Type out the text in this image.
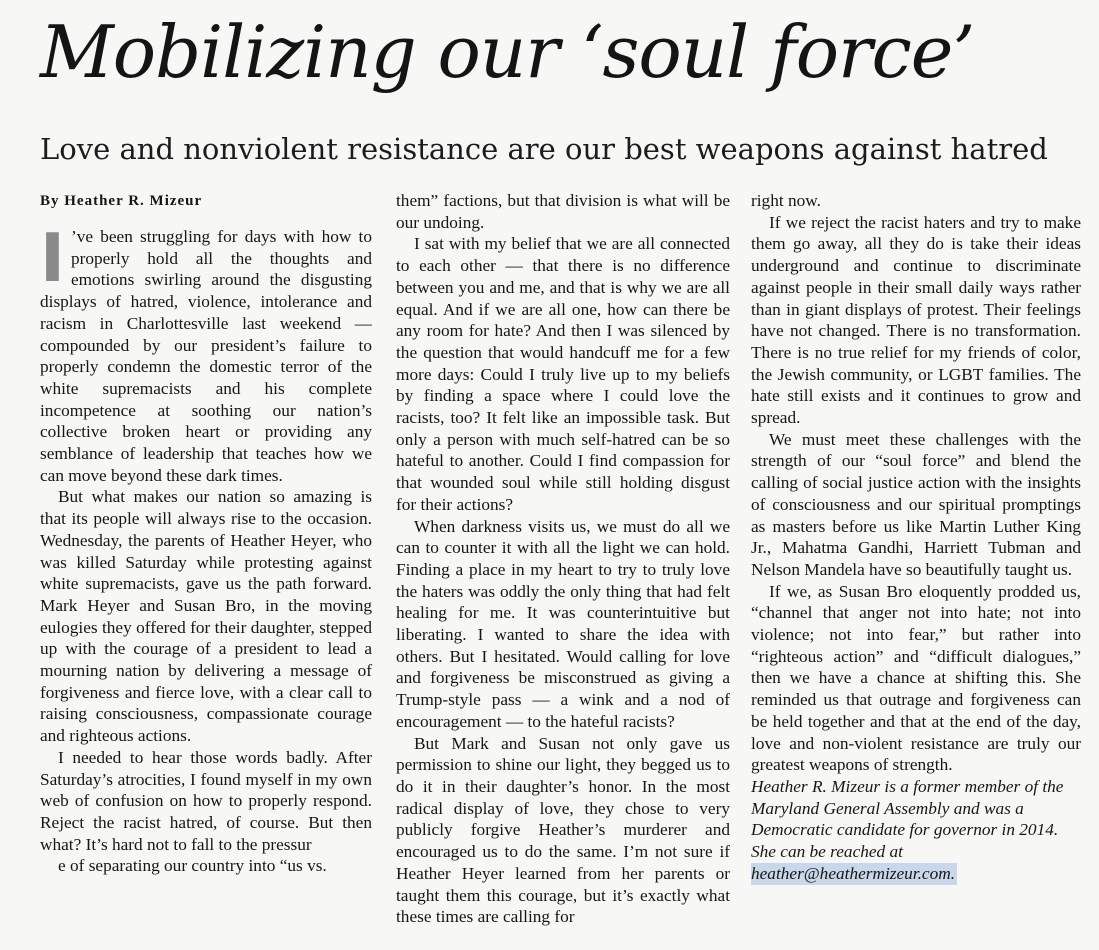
Mobilizing our ‘soul force’
Love and nonviolent resistance are our best weapons against hatred
By Heather R. Mizeur

I ’ve been struggling for days with how to properly hold all the thoughts and emotions swirling around the disgusting displays of hatred, violence, intolerance and racism in Charlottesville last weekend — compounded by our president’s failure to properly condemn the domestic terror of the white supremacists and his complete incompetence at soothing our nation’s collective broken heart or providing any semblance of leadership that teaches how we can move beyond these dark times.

But what makes our nation so amazing is that its people will always rise to the occasion. Wednesday, the parents of Heather Heyer, who was killed Saturday while protesting against white supremacists, gave us the path forward. Mark Heyer and Susan Bro, in the moving eulogies they offered for their daughter, stepped up with the courage of a president to lead a mourning nation by delivering a message of forgiveness and fierce love, with a clear call to raising consciousness, compassionate courage and righteous actions.

I needed to hear those words badly. After Saturday’s atrocities, I found myself in my own web of confusion on how to properly respond. Reject the racist hatred, of course. But then what? It’s hard not to fall to the pressur

e of separating our country into “us vs.

them” factions, but that division is what will be our undoing.

I sat with my belief that we are all connected to each other — that there is no difference between you and me, and that is why we are all equal. And if we are all one, how can there be any room for hate? And then I was silenced by the question that would handcuff me for a few more days: Could I truly live up to my beliefs by finding a space where I could love the racists, too? It felt like an impossible task. But only a person with much self-hatred can be so hateful to another. Could I find compassion for that wounded soul while still holding disgust for their actions?

When darkness visits us, we must do all we can to counter it with all the light we can hold. Finding a place in my heart to try to truly love the haters was oddly the only thing that had felt healing for me. It was counterintuitive but liberating. I wanted to share the idea with others. But I hesitated. Would calling for love and forgiveness be misconstrued as giving a Trump-style pass — a wink and a nod of encouragement — to the hateful racists?

But Mark and Susan not only gave us permission to shine our light, they begged us to do it in their daughter’s honor. In the most radical display of love, they chose to very publicly forgive Heather’s murderer and encouraged us to do the same. I’m not sure if Heather Heyer learned from her parents or taught them this courage, but it’s exactly what these times are calling for

right now.

If we reject the racist haters and try to make them go away, all they do is take their ideas underground and continue to discriminate against people in their small daily ways rather than in giant displays of protest. Their feelings have not changed. There is no transformation. There is no true relief for my friends of color, the Jewish community, or LGBT families. The hate still exists and it continues to grow and spread.

We must meet these challenges with the strength of our “soul force” and blend the calling of social justice action with the insights of consciousness and our spiritual promptings as masters before us like Martin Luther King Jr., Mahatma Gandhi, Harriett Tubman and Nelson Mandela have so beautifully taught us.

If we, as Susan Bro eloquently prodded us, “channel that anger not into hate; not into violence; not into fear,” but rather into “righteous action” and “difficult dialogues,” then we have a chance at shifting this. She reminded us that outrage and forgiveness can be held together and that at the end of the day, love and non-violent resistance are truly our greatest weapons of strength.

Heather R. Mizeur is a former member of the Maryland General Assembly and was a Democratic candidate for governor in 2014. She can be reached at
heather@heathermizeur.com.
